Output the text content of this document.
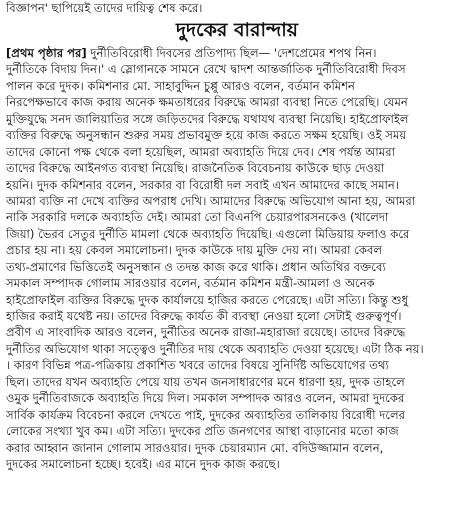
বিজ্ঞাপন' ছাপিয়েই তাদের দায়িত্ব শেষ করে।
দুদকের বারান্দায়
[প্রথম পৃষ্ঠার পর] দুর্নীতিবিরোধী দিবসের প্রতিপাদ্য ছিল— 'দেশপ্রেমের শপথ নিন।
দুর্নীতিকে বিদায় দিন।' এ স্লোগানকে সামনে রেখে দ্বাদশ আন্তর্জাতিক দুর্নীতিবিরোধী দিবস
পালন করে দুদক। কমিশনার মো. সাহাবুদ্দিন চুপ্পু আরও বলেন, বর্তমান কমিশন
নিরপেক্ষভাবে কাজ করায় অনেক ক্ষমতাধরের বিরুদ্ধে আমরা ব্যবস্থা নিতে পেরেছি। যেমন
মুক্তিযুদ্ধে সনদ জালিয়াতির সঙ্গে জড়িতদের বিরুদ্ধে যথাযথ ব্যবস্থা নিয়েছি। হাইপ্রোফাইল
ব্যক্তির বিরুদ্ধে অনুসন্ধান শুরুর সময় প্রভাবমুক্ত হয়ে কাজ করতে সক্ষম হয়েছি। ওই সময়
তাদের কোনো পক্ষ থেকে বলা হয়েছিল, আমরা অব্যাহতি দিয়ে দেব। শেষ পর্যন্ত আমরা
তাদের বিরুদ্ধে আইনগত ব্যবস্থা নিয়েছি। রাজনৈতিক বিবেচনায় কাউকে ছাড় দেওয়া
হয়নি। দুদক কমিশনার বলেন, সরকার বা বিরোধী দল সবাই এখন আমাদের কাছে সমান।
আমরা ব্যক্তি না দেখে ব্যক্তির অপরাধ দেখি। আমাদের বিরুদ্ধে অভিযোগ আনা হয়, আমরা
নাকি সরকারি দলকে অব্যাহতি দেই। আমরা তো বিএনপি চেয়ারপারসনকেও (খালেদা
জিয়া) ভৈরব সেতুর দুর্নীতি মামলা থেকে অব্যাহতি দিয়েছি। এগুলো মিডিয়ায় ফলাও করে
প্রচার হয় না। হয় কেবল সমালোচনা। দুদক কাউকে দায় মুক্তি দেয় না। আমরা কেবল
তথ্য-প্রমাণের ভিত্তিতেই অনুসন্ধান ও তদন্ত কাজ করে থাকি। প্রধান অতিথির বক্তব্যে
সমকাল সম্পাদক গোলাম সারওয়ার বলেন, বর্তমান কমিশন মন্ত্রী-আমলা ও অনেক
হাইপ্রোফাইল ব্যক্তির বিরুদ্ধে দুদক কার্যালয়ে হাজির করতে পেরেছে। এটা সত্যি। কিন্তু শুধু
হাজির করাই যথেষ্ট নয়। তাদের বিরুদ্ধে কার্যত কী ব্যবস্থা নেওয়া হলো সেটাই গুরুত্বপূর্ণ।
প্রবীণ এ সাংবাদিক আরও বলেন, দুর্নীতির অনেক রাজা-মহারাজা রয়েছে। তাদের বিরুদ্ধে
দুর্নীতির অভিযোগ থাকা সত্ত্বেও দুর্নীতির দায় থেকে অব্যাহতি দেওয়া হয়েছে। এটা ঠিক নয়।
। কারণ বিভিন্ন পত্র-পত্রিকায় প্রকাশিত খবরে তাদের বিষয়ে সুনির্দিষ্ট অভিযোগের তথ্য
ছিল। তাদের যখন অব্যাহতি পেয়ে যায় তখন জনসাধারণের মনে ধারণা হয়, দুদক তাহলে
ওমুক দুর্নীতিবাজকে অব্যাহতি দিয়ে দিল। সমকাল সম্পাদক আরও বলেন, আমরা দুদকের
সার্বিক কার্যক্রম বিবেচনা করলে দেখতে পাই, দুদকের অব্যাহতির তালিকায় বিরোধী দলের
লোকের সংখ্যা খুব কম। এটা সত্যি। দুদকের প্রতি জনগণের আস্থা বাড়ানোর মতো কাজ
করার আহ্বান জানান গোলাম সারওয়ার। দুদক চেয়ারম্যান মো. বদিউজ্জামান বলেন,
দুদকের সমালোচনা হচ্ছে। হবেই। এর মানে দুদক কাজ করছে।
